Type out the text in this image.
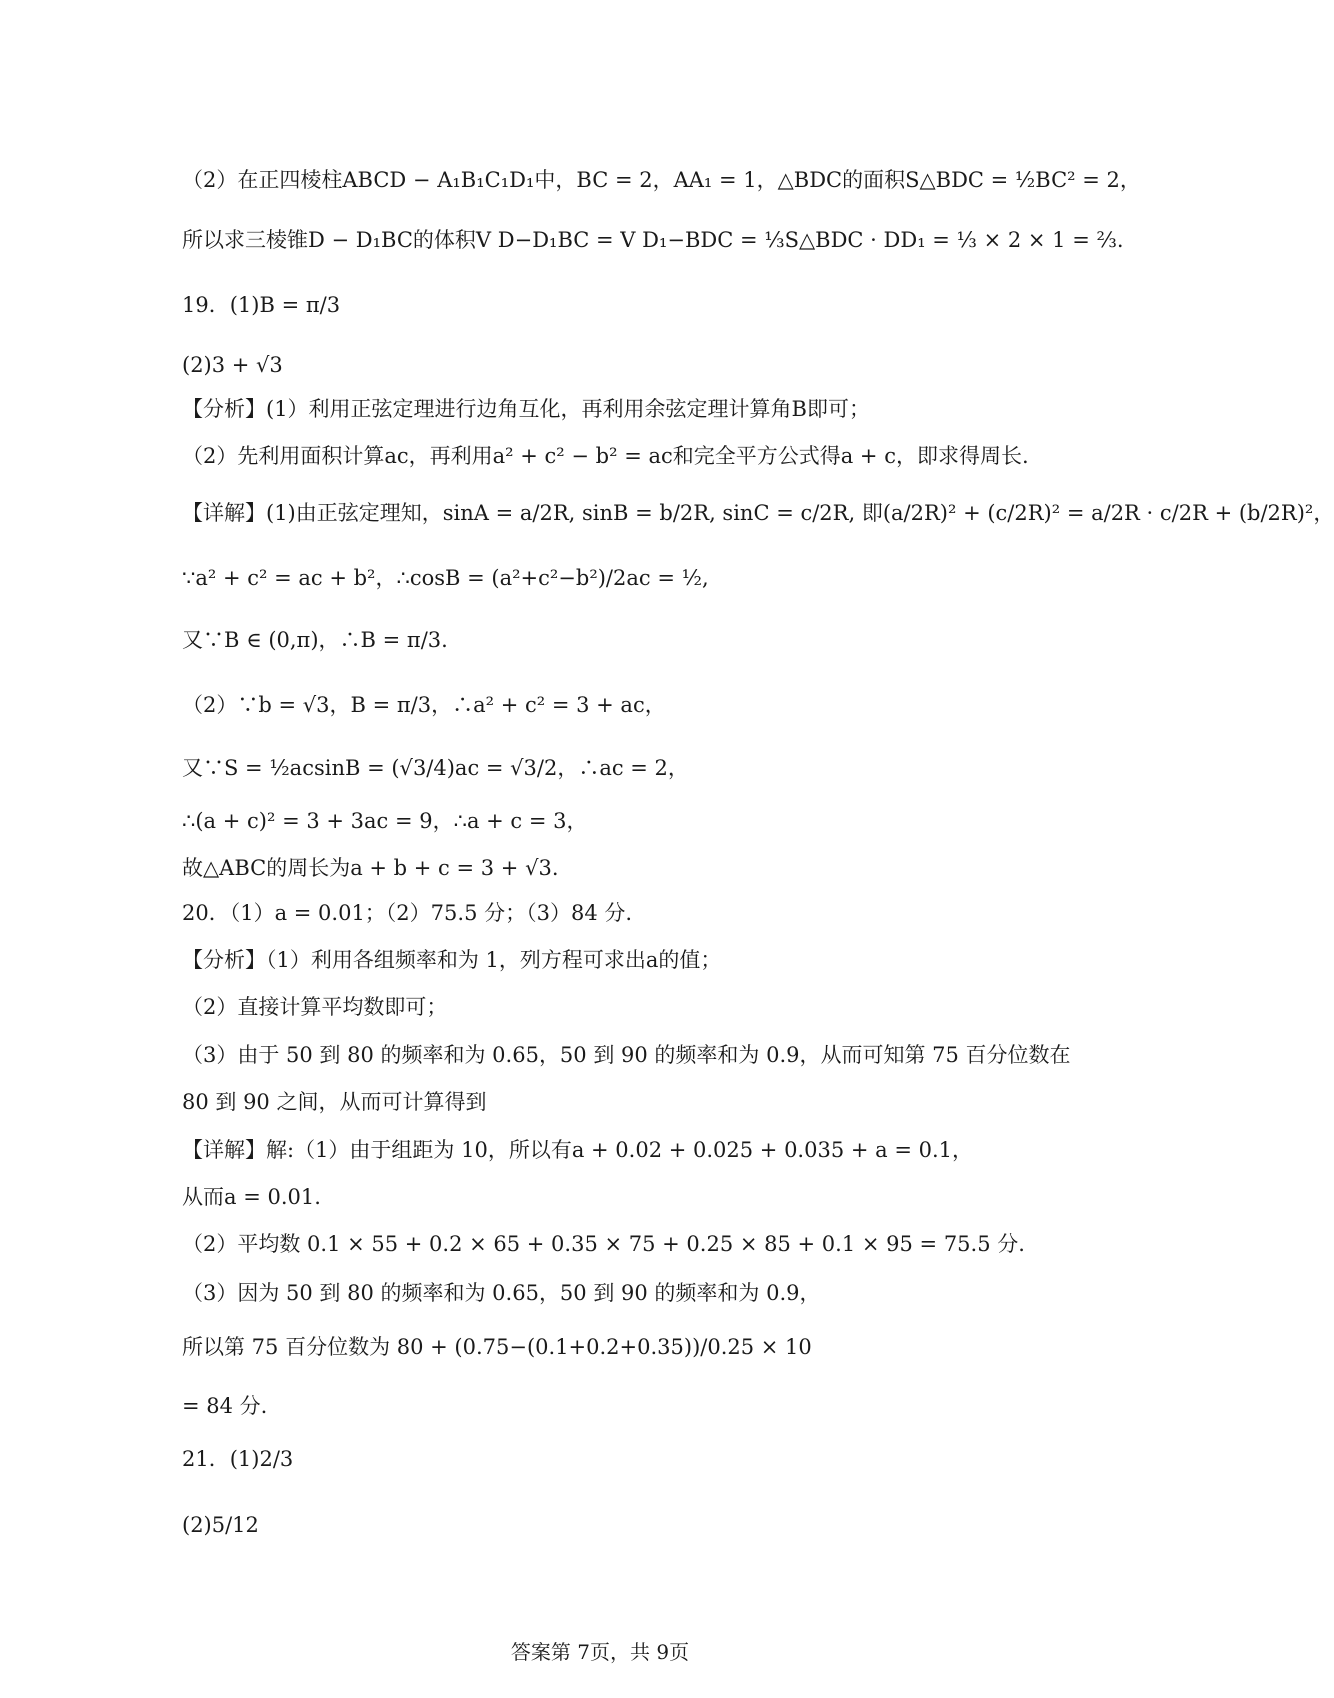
（2）在正四棱柱ABCD − A₁B₁C₁D₁中，BC = 2，AA₁ = 1，△BDC的面积S△BDC = ½BC² = 2，
所以求三棱锥D − D₁BC的体积V D−D₁BC = V D₁−BDC = ⅓S△BDC · DD₁ = ⅓ × 2 × 1 = ⅔.
19．(1)B = π/3
(2)3 + √3
【分析】(1）利用正弦定理进行边角互化，再利用余弦定理计算角B即可；
（2）先利用面积计算ac，再利用a² + c² − b² = ac和完全平方公式得a + c，即求得周长.
【详解】(1)由正弦定理知，sinA = a/2R, sinB = b/2R, sinC = c/2R, 即(a/2R)² + (c/2R)² = a/2R · c/2R + (b/2R)²，
∵a² + c² = ac + b²，∴cosB = (a²+c²−b²)/2ac = ½,
又∵B ∈ (0,π)，∴B = π/3.
（2）∵b = √3，B = π/3，∴a² + c² = 3 + ac，
又∵S = ½acsinB = (√3/4)ac = √3/2，∴ac = 2，
∴(a + c)² = 3 + 3ac = 9，∴a + c = 3，
故△ABC的周长为a + b + c = 3 + √3.
20．（1）a = 0.01；（2）75.5 分；（3）84 分.
【分析】（1）利用各组频率和为 1，列方程可求出a的值；
（2）直接计算平均数即可；
（3）由于 50 到 80 的频率和为 0.65，50 到 90 的频率和为 0.9，从而可知第 75 百分位数在
80 到 90 之间，从而可计算得到
【详解】解:（1）由于组距为 10，所以有a + 0.02 + 0.025 + 0.035 + a = 0.1，
从而a = 0.01.
（2）平均数 0.1 × 55 + 0.2 × 65 + 0.35 × 75 + 0.25 × 85 + 0.1 × 95 = 75.5 分.
（3）因为 50 到 80 的频率和为 0.65，50 到 90 的频率和为 0.9，
所以第 75 百分位数为 80 + (0.75−(0.1+0.2+0.35))/0.25 × 10
= 84 分.
21．(1)2/3
(2)5/12
答案第 7页，共 9页
